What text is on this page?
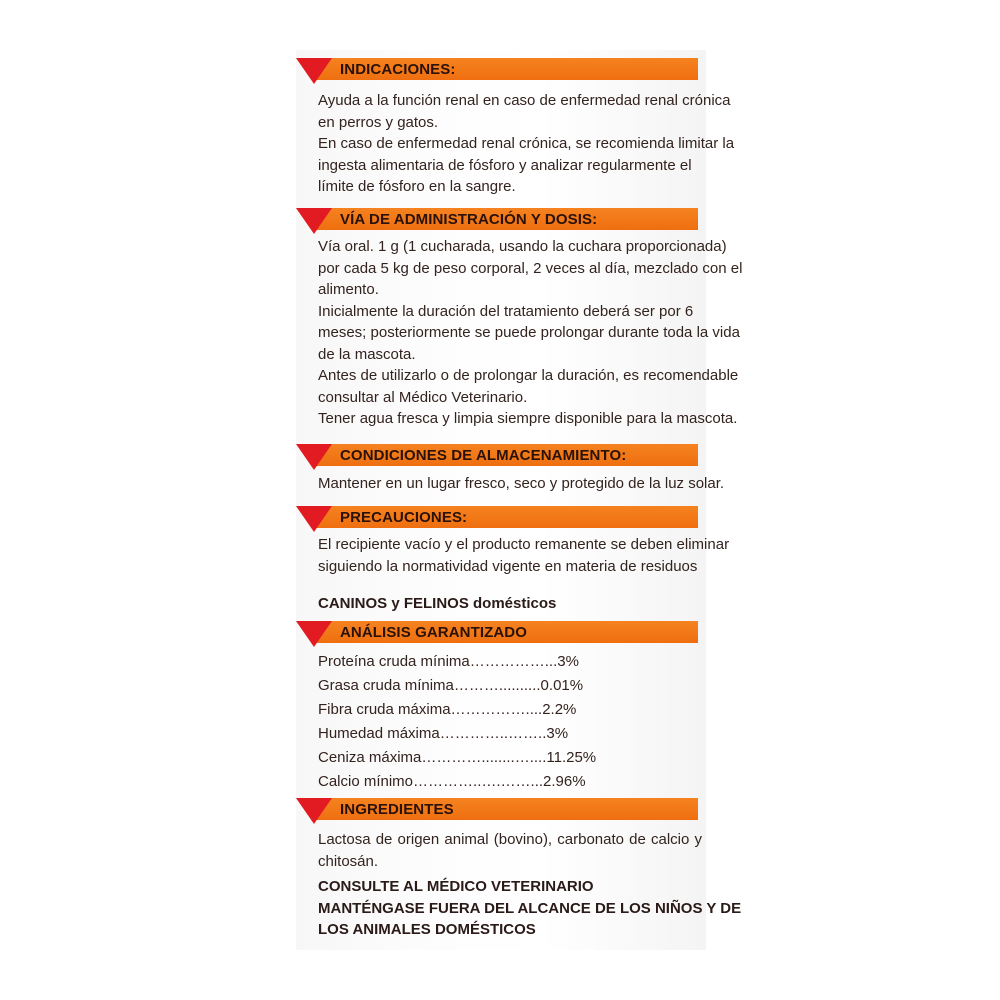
INDICACIONES:

Ayuda a la función renal en caso de enfermedad renal crónica

en perros y gatos.

En caso de enfermedad renal crónica, se recomienda limitar la

ingesta alimentaria de fósforo y analizar regularmente el

límite de fósforo en la sangre.

VÍA DE ADMINISTRACIÓN Y DOSIS:

Vía oral. 1 g (1 cucharada, usando la cuchara proporcionada)

por cada 5 kg de peso corporal, 2 veces al día, mezclado con el

alimento.

Inicialmente la duración del tratamiento deberá ser por 6

meses; posteriormente se puede prolongar durante toda la vida

de la mascota.

Antes de utilizarlo o de prolongar la duración, es recomendable

consultar al Médico Veterinario.

Tener agua fresca y limpia siempre disponible para la mascota.

CONDICIONES DE ALMACENAMIENTO:

Mantener en un lugar fresco, seco y protegido de la luz solar.

PRECAUCIONES:

El recipiente vacío y el producto remanente se deben eliminar

siguiendo la normatividad vigente en materia de residuos

CANINOS y FELINOS domésticos
ANÁLISIS GARANTIZADO

Proteína cruda mínima……………...3%

Grasa cruda mínima………..........0.01%

Fibra cruda máxima……………....2.2%

Humedad máxima…………..……..3%

Ceniza máxima…………........…....11.25%

Calcio mínimo…………..….……...2.96%

INGREDIENTES
Lactosa de origen animal (bovino), carbonato de calcio y chitosán.

CONSULTE AL MÉDICO VETERINARIO

MANTÉNGASE FUERA DEL ALCANCE DE LOS NIÑOS Y DE

LOS ANIMALES DOMÉSTICOS
